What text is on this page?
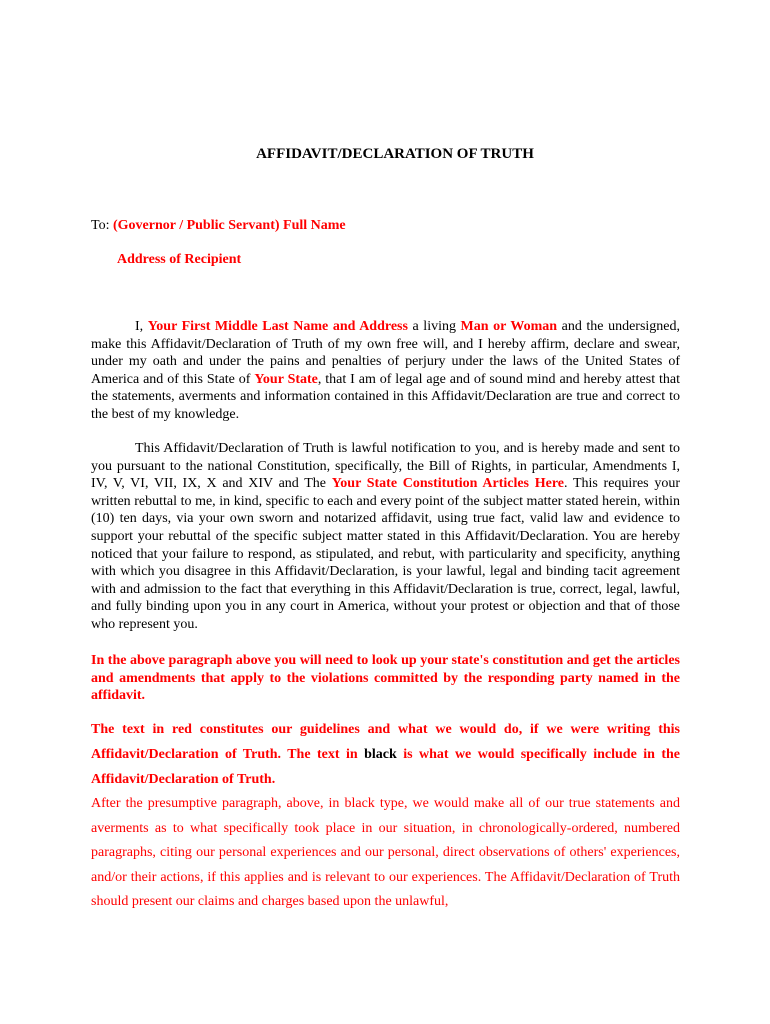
AFFIDAVIT/DECLARATION OF TRUTH
To: (Governor / Public Servant) Full Name
Address of Recipient
I, Your First Middle Last Name and Address a living Man or Woman and the undersigned, make this Affidavit/Declaration of Truth of my own free will, and I hereby affirm, declare and swear, under my oath and under the pains and penalties of perjury under the laws of the United States of America and of this State of Your State, that I am of legal age and of sound mind and hereby attest that the statements, averments and information contained in this Affidavit/Declaration are true and correct to the best of my knowledge.
This Affidavit/Declaration of Truth is lawful notification to you, and is hereby made and sent to you pursuant to the national Constitution, specifically, the Bill of Rights, in particular, Amendments I, IV, V, VI, VII, IX, X and XIV and The Your State Constitution Articles Here. This requires your written rebuttal to me, in kind, specific to each and every point of the subject matter stated herein, within (10) ten days, via your own sworn and notarized affidavit, using true fact, valid law and evidence to support your rebuttal of the specific subject matter stated in this Affidavit/Declaration. You are hereby noticed that your failure to respond, as stipulated, and rebut, with particularity and specificity, anything with which you disagree in this Affidavit/Declaration, is your lawful, legal and binding tacit agreement with and admission to the fact that everything in this Affidavit/Declaration is true, correct, legal, lawful, and fully binding upon you in any court in America, without your protest or objection and that of those who represent you.
In the above paragraph above you will need to look up your state's constitution and get the articles and amendments that apply to the violations committed by the responding party named in the affidavit.
The text in red constitutes our guidelines and what we would do, if we were writing this Affidavit/Declaration of Truth. The text in black is what we would specifically include in the Affidavit/Declaration of Truth.
After the presumptive paragraph, above, in black type, we would make all of our true statements and averments as to what specifically took place in our situation, in chronologically-ordered, numbered paragraphs, citing our personal experiences and our personal, direct observations of others' experiences, and/or their actions, if this applies and is relevant to our experiences. The Affidavit/Declaration of Truth should present our claims and charges based upon the unlawful,
